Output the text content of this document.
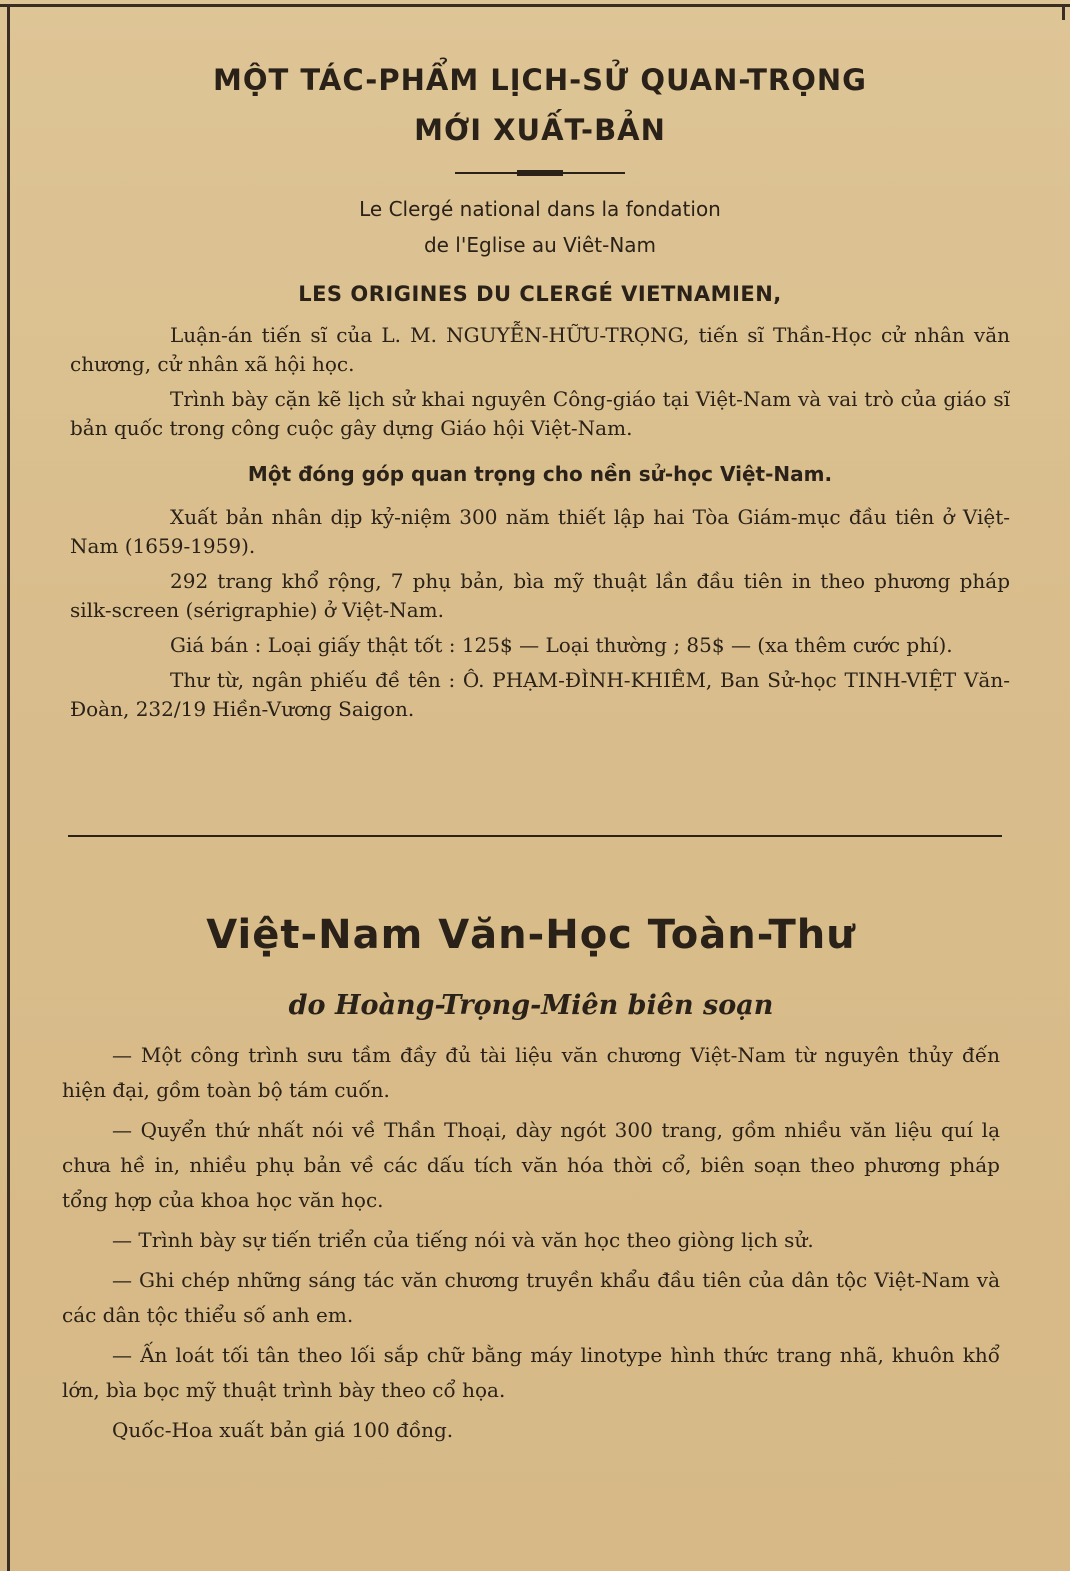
MỘT TÁC-PHẨM LỊCH-SỬ QUAN-TRỌNG
MỚI XUẤT-BẢN

Le Clergé national dans la fondation

de l'Eglise au Viêt-Nam

LES ORIGINES DU CLERGÉ VIETNAMIEN,

Luận-án tiến sĩ của L. M. NGUYỄN-HỮU-TRỌNG, tiến sĩ Thần-Học cử nhân văn chương, cử nhân xã hội học.

Trình bày cặn kẽ lịch sử khai nguyên Công-giáo tại Việt-Nam và vai trò của giáo sĩ bản quốc trong công cuộc gây dựng Giáo hội Việt-Nam.

Một đóng góp quan trọng cho nền sử-học Việt-Nam.

Xuất bản nhân dịp kỷ-niệm 300 năm thiết lập hai Tòa Giám-mục đầu tiên ở Việt-Nam (1659-1959).

292 trang khổ rộng, 7 phụ bản, bìa mỹ thuật lần đầu tiên in theo phương pháp silk-screen (sérigraphie) ở Việt-Nam.

Giá bán : Loại giấy thật tốt : 125$ — Loại thường ; 85$ — (xa thêm cước phí).

Thư từ, ngân phiếu đề tên : Ô. PHẠM-ĐÌNH-KHIÊM, Ban Sử-học TINH-VIỆT Văn-Đoàn, 232/19 Hiền-Vương Saigon.

Việt-Nam Văn-Học Toàn-Thư
do Hoàng-Trọng-Miên biên soạn

— Một công trình sưu tầm đầy đủ tài liệu văn chương Việt-Nam từ nguyên thủy đến hiện đại, gồm toàn bộ tám cuốn.

— Quyển thứ nhất nói về Thần Thoại, dày ngót 300 trang, gồm nhiều văn liệu quí lạ chưa hề in, nhiều phụ bản về các dấu tích văn hóa thời cổ, biên soạn theo phương pháp tổng hợp của khoa học văn học.

— Trình bày sự tiến triển của tiếng nói và văn học theo giòng lịch sử.

— Ghi chép những sáng tác văn chương truyền khẩu đầu tiên của dân tộc Việt-Nam và các dân tộc thiểu số anh em.

— Ấn loát tối tân theo lối sắp chữ bằng máy linotype hình thức trang nhã, khuôn khổ lớn, bìa bọc mỹ thuật trình bày theo cổ họa.

Quốc-Hoa xuất bản giá 100 đồng.
